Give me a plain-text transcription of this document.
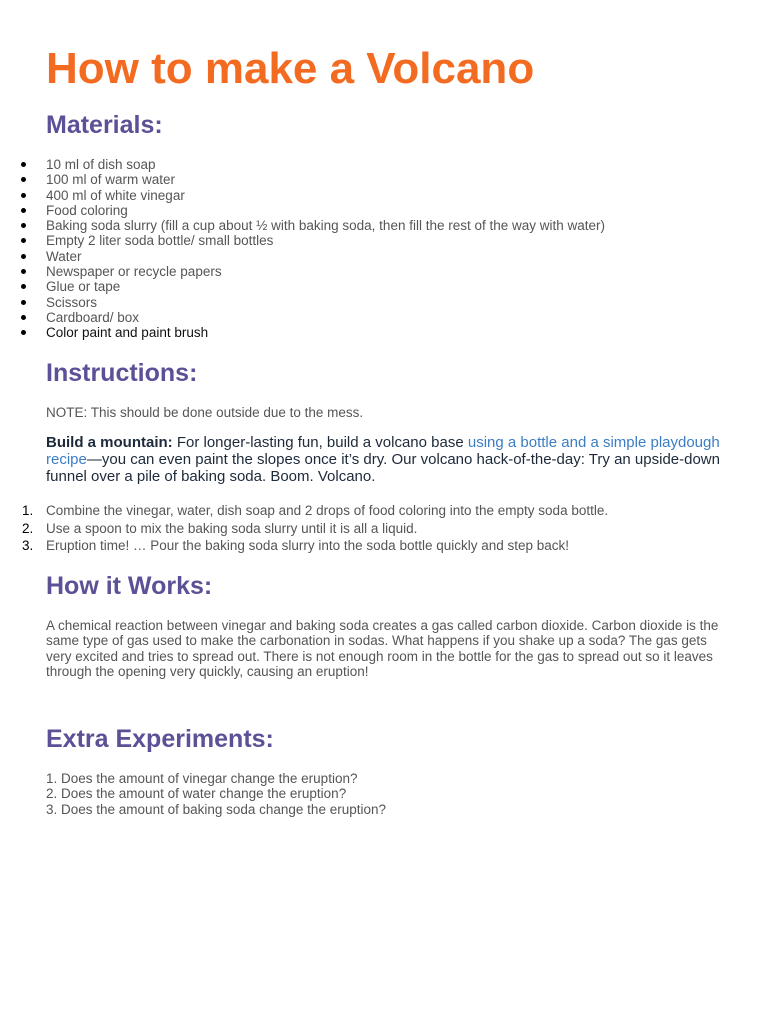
How to make a Volcano
Materials:
10 ml of dish soap
100 ml of warm water
400 ml of white vinegar
Food coloring
Baking soda slurry (fill a cup about ½ with baking soda, then fill the rest of the way with water)
Empty 2 liter soda bottle/ small bottles
Water
Newspaper or recycle papers
Glue or tape
Scissors
Cardboard/ box
Color paint and paint brush
Instructions:

NOTE: This should be done outside due to the mess.

Build a mountain: For longer-lasting fun, build a volcano base using a bottle and a simple playdough recipe—you can even paint the slopes once it’s dry. Our volcano hack-of-the-day: Try an upside-down funnel over a pile of baking soda. Boom. Volcano.

1. Combine the vinegar, water, dish soap and 2 drops of food coloring into the empty soda bottle.
2. Use a spoon to mix the baking soda slurry until it is all a liquid.
3. Eruption time! … Pour the baking soda slurry into the soda bottle quickly and step back!
How it Works:

A chemical reaction between vinegar and baking soda creates a gas called carbon dioxide. Carbon dioxide is the same type of gas used to make the carbonation in sodas. What happens if you shake up a soda? The gas gets very excited and tries to spread out. There is not enough room in the bottle for the gas to spread out so it leaves through the opening very quickly, causing an eruption!

Extra Experiments:
1. Does the amount of vinegar change the eruption?
2. Does the amount of water change the eruption?
3. Does the amount of baking soda change the eruption?
